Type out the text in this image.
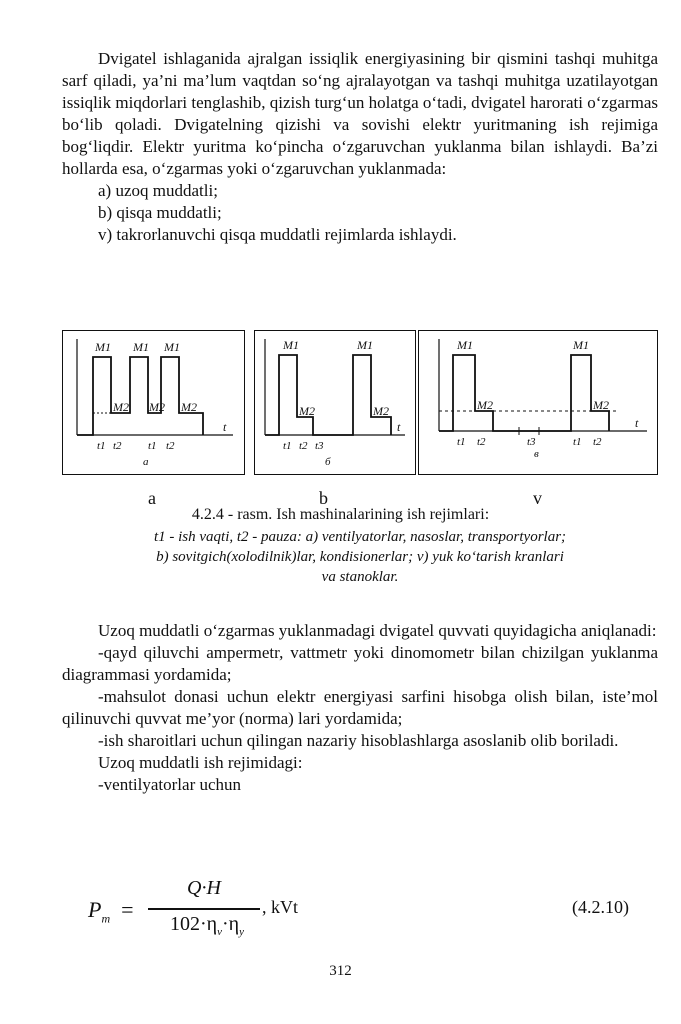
Dvigatel ishlaganida ajralgan issiqlik energiyasining bir qismini tashqi muhitga sarf qiladi, ya’ni ma’lum vaqtdan so‘ng ajralayotgan va tashqi muhitga uzatilayotgan issiqlik miqdorlari tenglashib, qizish turg‘un holatga o‘tadi, dvigatel harorati o‘zgarmas bo‘lib qoladi. Dvigatelning qizishi va sovishi elektr yuritmaning ish rejimiga bog‘liqdir. Elektr yuritma ko‘pincha o‘zgaruvchan yuklanma bilan ishlaydi. Ba’zi hollarda esa, o‘zgarmas yoki o‘zgaruvchan yuklanmada:

a) uzoq muddatli;

b) qisqa muddatli;

v) takrorlanuvchi qisqa muddatli rejimlarda ishlaydi.

M1 M1 M1
M2 M2 M2
t
t1 t2 t1 t2
a
M1	M1
M2	M2
t
t1 t2 t3
б
M1	M1
M2	M2
t
t1 t2	t3	t1 t2
в
a	b	v
4.2.4 - rasm. Ish mashinalarining ish rejimlari:
t1 - ish vaqti, t2 - pauza: a) ventilyatorlar, nasoslar, transportyorlar;
b) sovitgich(xolodilnik)lar, kondisionerlar; v) yuk ko‘tarish kranlari
va stanoklar.

Uzoq muddatli o‘zgarmas yuklanmadagi dvigatel quvvati quyidagicha aniqlanadi:

-qayd qiluvchi ampermetr, vattmetr yoki dinomometr bilan chizilgan yuklanma diagrammasi yordamida;

-mahsulot donasi uchun elektr energiyasi sarfini hisobga olish bilan, iste’mol qilinuvchi quvvat me’yor (norma) lari yordamida;

-ish sharoitlari uchun qilingan nazariy hisoblashlarga asoslanib olib boriladi.

Uzoq muddatli ish rejimidagi:

-ventilyatorlar uchun

$P_m$  =
Q·H
$102\cdot\eta_v\cdot\eta_y$
, kVt	(4.2.10)
312
